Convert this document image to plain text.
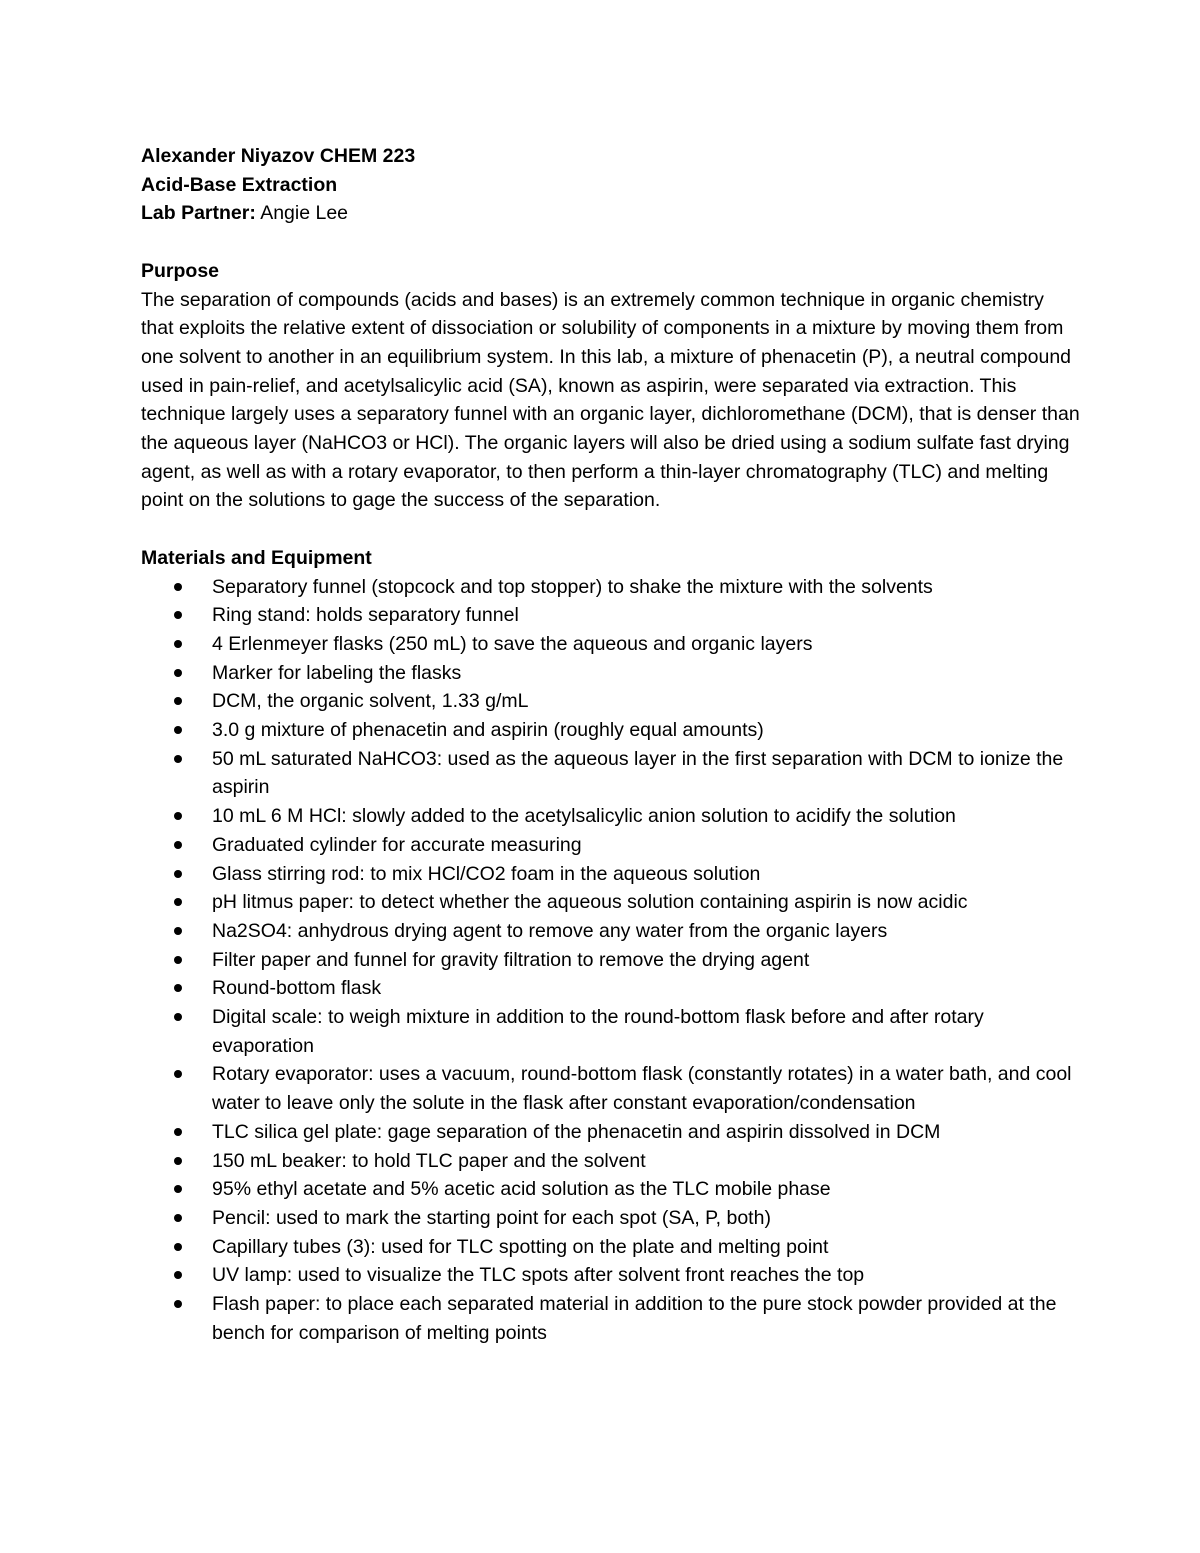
Alexander Niyazov CHEM 223
Acid-Base Extraction
Lab Partner: Angie Lee
Purpose

The separation of compounds (acids and bases) is an extremely common technique in organic chemistry that exploits the relative extent of dissociation or solubility of components in a mixture by moving them from one solvent to another in an equilibrium system. In this lab, a mixture of phenacetin (P), a neutral compound used in pain-relief, and acetylsalicylic acid (SA), known as aspirin, were separated via extraction. This technique largely uses a separatory funnel with an organic layer, dichloromethane (DCM), that is denser than the aqueous layer (NaHCO3 or HCl). The organic layers will also be dried using a sodium sulfate fast drying agent, as well as with a rotary evaporator, to then perform a thin-layer chromatography (TLC) and melting point on the solutions to gage the success of the separation.

Materials and Equipment
Separatory funnel (stopcock and top stopper) to shake the mixture with the solvents
Ring stand: holds separatory funnel
4 Erlenmeyer flasks (250 mL) to save the aqueous and organic layers
Marker for labeling the flasks
DCM, the organic solvent, 1.33 g/mL
3.0 g mixture of phenacetin and aspirin (roughly equal amounts)
50 mL saturated NaHCO3: used as the aqueous layer in the first separation with DCM to ionize the aspirin
10 mL 6 M HCl: slowly added to the acetylsalicylic anion solution to acidify the solution
Graduated cylinder for accurate measuring
Glass stirring rod: to mix HCl/CO2 foam in the aqueous solution
pH litmus paper: to detect whether the aqueous solution containing aspirin is now acidic
Na2SO4: anhydrous drying agent to remove any water from the organic layers
Filter paper and funnel for gravity filtration to remove the drying agent
Round-bottom flask
Digital scale: to weigh mixture in addition to the round-bottom flask before and after rotary evaporation
Rotary evaporator: uses a vacuum, round-bottom flask (constantly rotates) in a water bath, and cool water to leave only the solute in the flask after constant evaporation/condensation
TLC silica gel plate: gage separation of the phenacetin and aspirin dissolved in DCM
150 mL beaker: to hold TLC paper and the solvent
95% ethyl acetate and 5% acetic acid solution as the TLC mobile phase
Pencil: used to mark the starting point for each spot (SA, P, both)
Capillary tubes (3): used for TLC spotting on the plate and melting point
UV lamp: used to visualize the TLC spots after solvent front reaches the top
Flash paper: to place each separated material in addition to the pure stock powder provided at the bench for comparison of melting points
